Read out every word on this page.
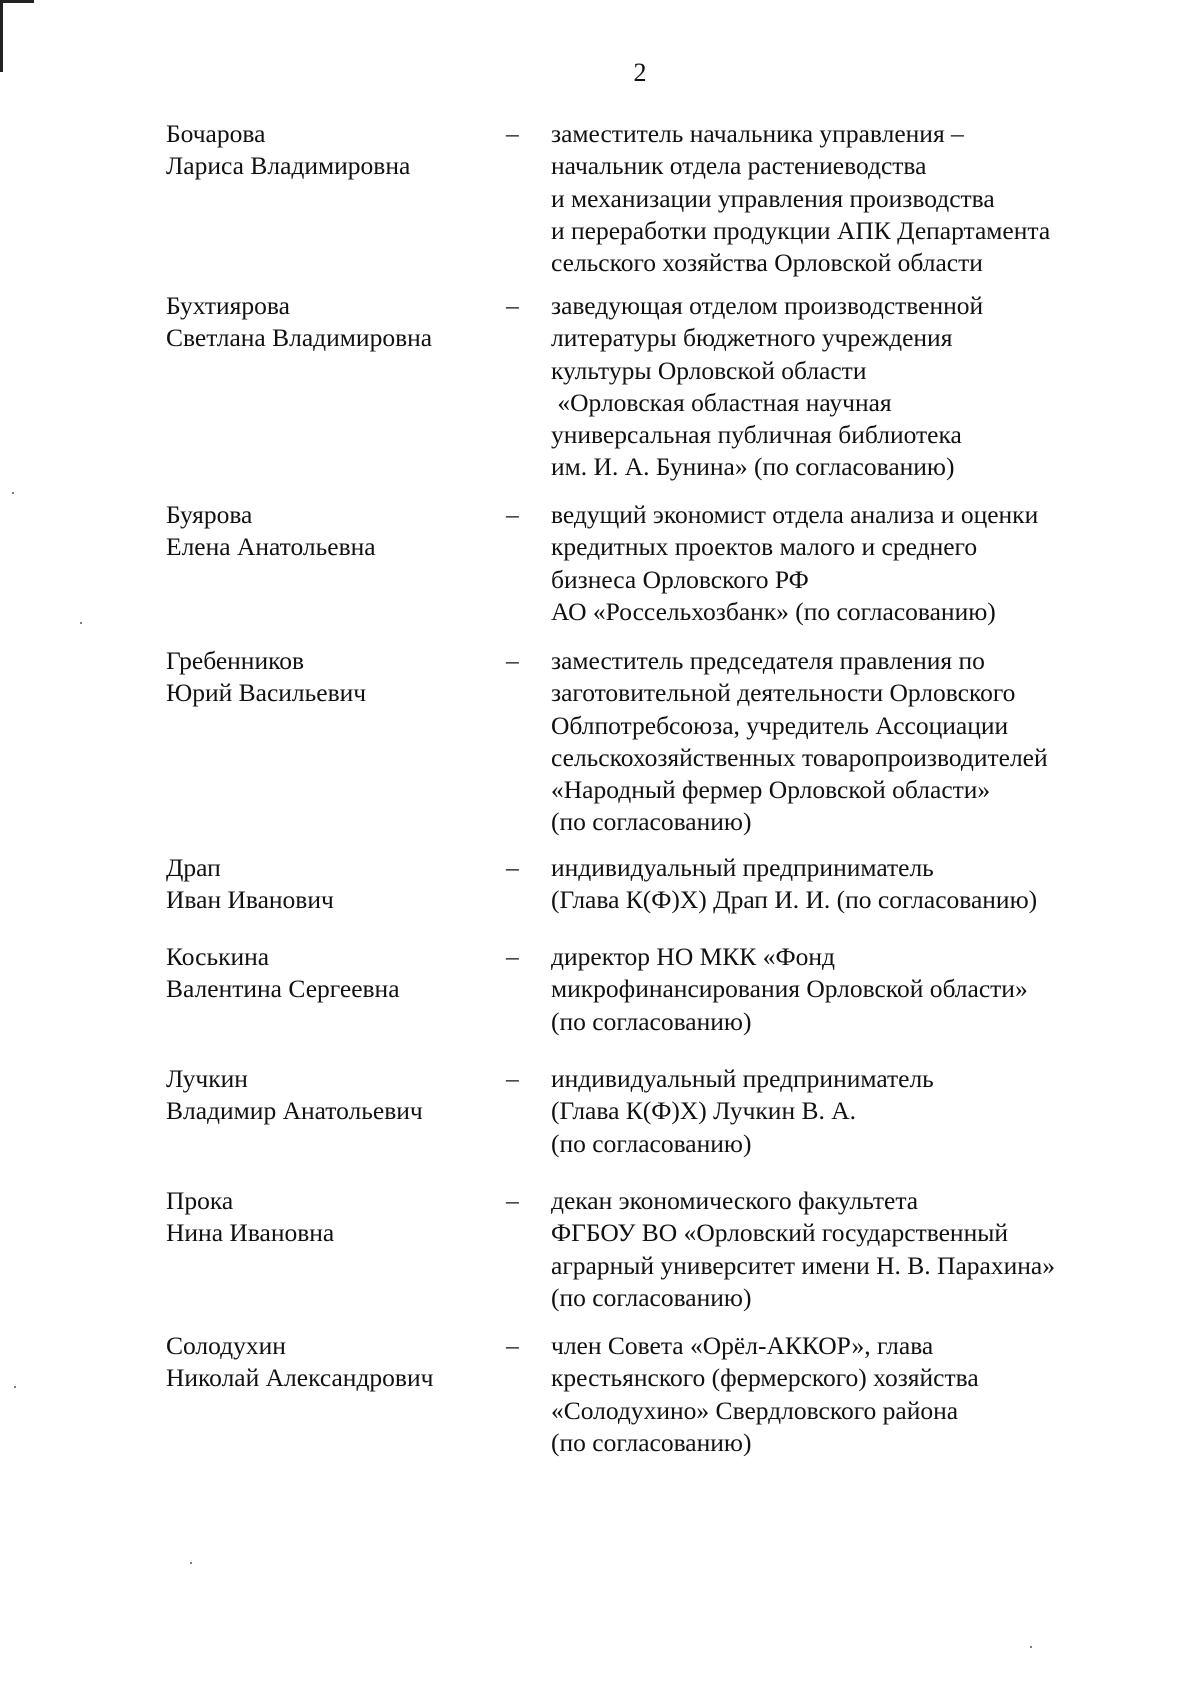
2
Бочарова
Лариса Владимировна
–	заместитель начальника управления –
начальник отдела растениеводства
и механизации управления производства
и переработки продукции АПК Департамента
сельского хозяйства Орловской области
Бухтиярова
Светлана Владимировна
–	заведующая отделом производственной
литературы бюджетного учреждения
культуры Орловской области
«Орловская областная научная
универсальная публичная библиотека
им. И. А. Бунина» (по согласованию)
Буярова
Елена Анатольевна
–	ведущий экономист отдела анализа и оценки
кредитных проектов малого и среднего
бизнеса Орловского РФ
АО «Россельхозбанк» (по согласованию)
Гребенников
Юрий Васильевич
–	заместитель председателя правления по
заготовительной деятельности Орловского
Облпотребсоюза, учредитель Ассоциации
сельскохозяйственных товаропроизводителей
«Народный фермер Орловской области»
(по согласованию)
Драп
Иван Иванович
–	индивидуальный предприниматель
(Глава К(Ф)Х) Драп И. И. (по согласованию)
Коськина
Валентина Сергеевна
–	директор НО МКК «Фонд
микрофинансирования Орловской области»
(по согласованию)
Лучкин
Владимир Анатольевич
–	индивидуальный предприниматель
(Глава К(Ф)Х) Лучкин В. А.
(по согласованию)
Прока
Нина Ивановна
–	декан экономического факультета
ФГБОУ ВО «Орловский государственный
аграрный университет имени Н. В. Парахина»
(по согласованию)
Солодухин
Николай Александрович
–	член Совета «Орёл-АККОР», глава
крестьянского (фермерского) хозяйства
«Солодухино» Свердловского района
(по согласованию)
